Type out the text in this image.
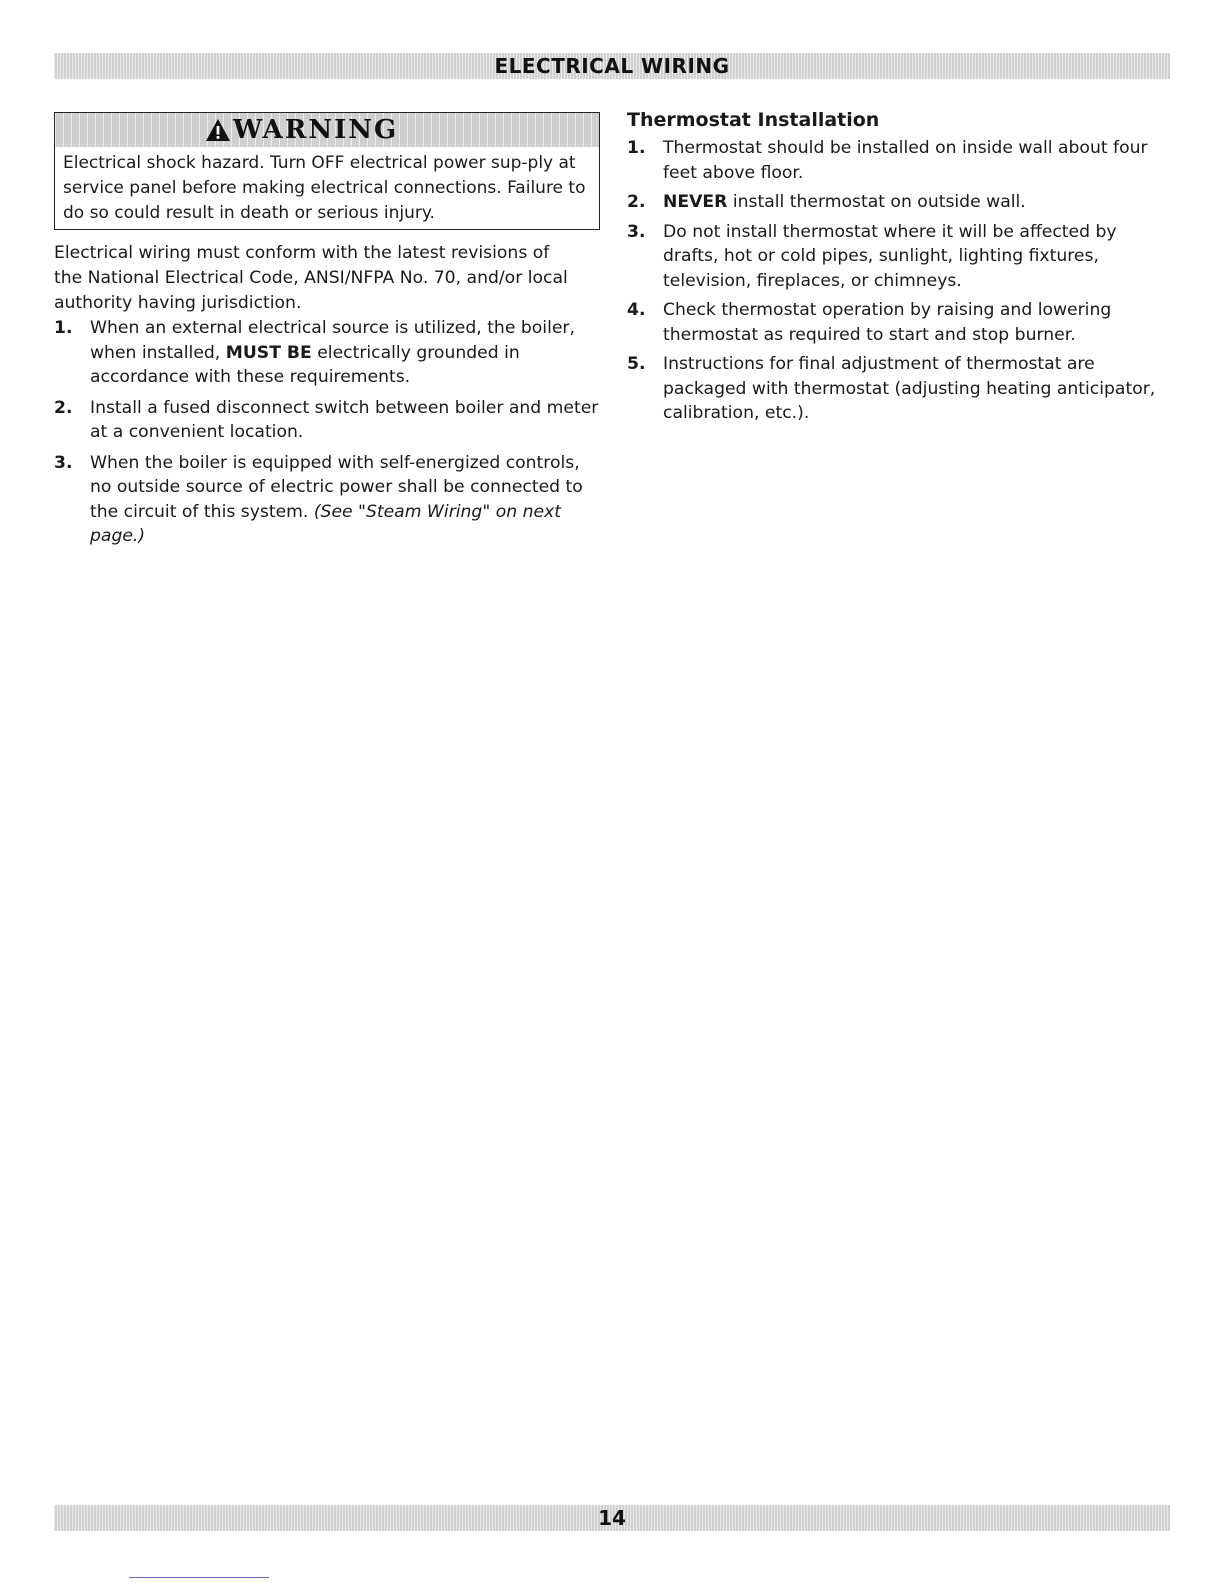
ELECTRICAL WIRING
WARNING
Electrical shock hazard. Turn OFF electrical power sup-ply at service panel before making electrical connections. Failure to do so could result in death or serious injury.
Electrical wiring must conform with the latest revisions of the National Electrical Code, ANSI/NFPA No. 70, and/or local authority having jurisdiction.
1. When an external electrical source is utilized, the boiler, when installed, MUST BE electrically grounded in accordance with these requirements.
2. Install a fused disconnect switch between boiler and meter at a convenient location.
3. When the boiler is equipped with self-energized controls, no outside source of electric power shall be connected to the circuit of this system. (See "Steam Wiring" on next page.)
Thermostat Installation
1. Thermostat should be installed on inside wall about four feet above floor.
2. NEVER install thermostat on outside wall.
3. Do not install thermostat where it will be affected by drafts, hot or cold pipes, sunlight, lighting fixtures, television, fireplaces, or chimneys.
4. Check thermostat operation by raising and lowering thermostat as required to start and stop burner.
5. Instructions for final adjustment of thermostat are packaged with thermostat (adjusting heating anticipator, calibration, etc.).
14
